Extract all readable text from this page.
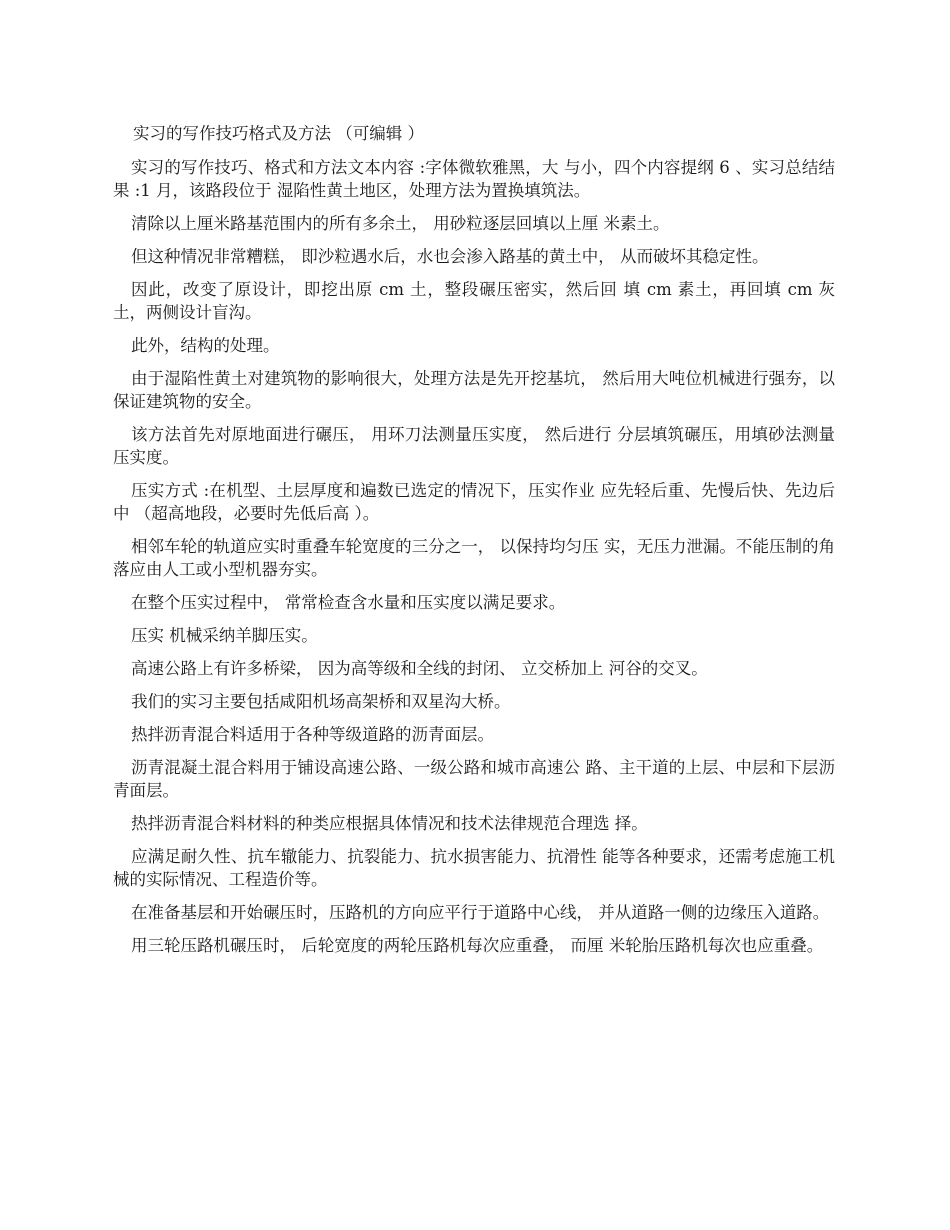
实习的写作技巧格式及方法 （可编辑 ）

实习的写作技巧、格式和方法文本内容 :字体微软雅黑，大 与小，四个内容提纲 6 、实习总结结果 :1 月，该路段位于 湿陷性黄土地区，处理方法为置换填筑法。

清除以上厘米路基范围内的所有多余土， 用砂粒逐层回填以上厘 米素土。

但这种情况非常糟糕， 即沙粒遇水后，水也会渗入路基的黄土中， 从而破坏其稳定性。

因此，改变了原设计，即挖出原 cm 土，整段碾压密实，然后回 填 cm 素土，再回填 cm 灰土，两侧设计盲沟。

此外，结构的处理。

由于湿陷性黄土对建筑物的影响很大，处理方法是先开挖基坑， 然后用大吨位机械进行强夯，以保证建筑物的安全。

该方法首先对原地面进行碾压， 用环刀法测量压实度， 然后进行 分层填筑碾压，用填砂法测量压实度。

压实方式 :在机型、土层厚度和遍数已选定的情况下，压实作业 应先轻后重、先慢后快、先边后中 （超高地段，必要时先低后高 ）。

相邻车轮的轨道应实时重叠车轮宽度的三分之一， 以保持均匀压 实，无压力泄漏。不能压制的角落应由人工或小型机器夯实。

在整个压实过程中， 常常检查含水量和压实度以满足要求。

压实 机械采纳羊脚压实。

高速公路上有许多桥梁， 因为高等级和全线的封闭、 立交桥加上 河谷的交叉。

我们的实习主要包括咸阳机场高架桥和双星沟大桥。

热拌沥青混合料适用于各种等级道路的沥青面层。

沥青混凝土混合料用于铺设高速公路、一级公路和城市高速公 路、主干道的上层、中层和下层沥青面层。

热拌沥青混合料材料的种类应根据具体情况和技术法律规范合理选 择。

应满足耐久性、抗车辙能力、抗裂能力、抗水损害能力、抗滑性 能等各种要求，还需考虑施工机械的实际情况、工程造价等。

在准备基层和开始碾压时，压路机的方向应平行于道路中心线， 并从道路一侧的边缘压入道路。

用三轮压路机碾压时， 后轮宽度的两轮压路机每次应重叠， 而厘 米轮胎压路机每次也应重叠。
